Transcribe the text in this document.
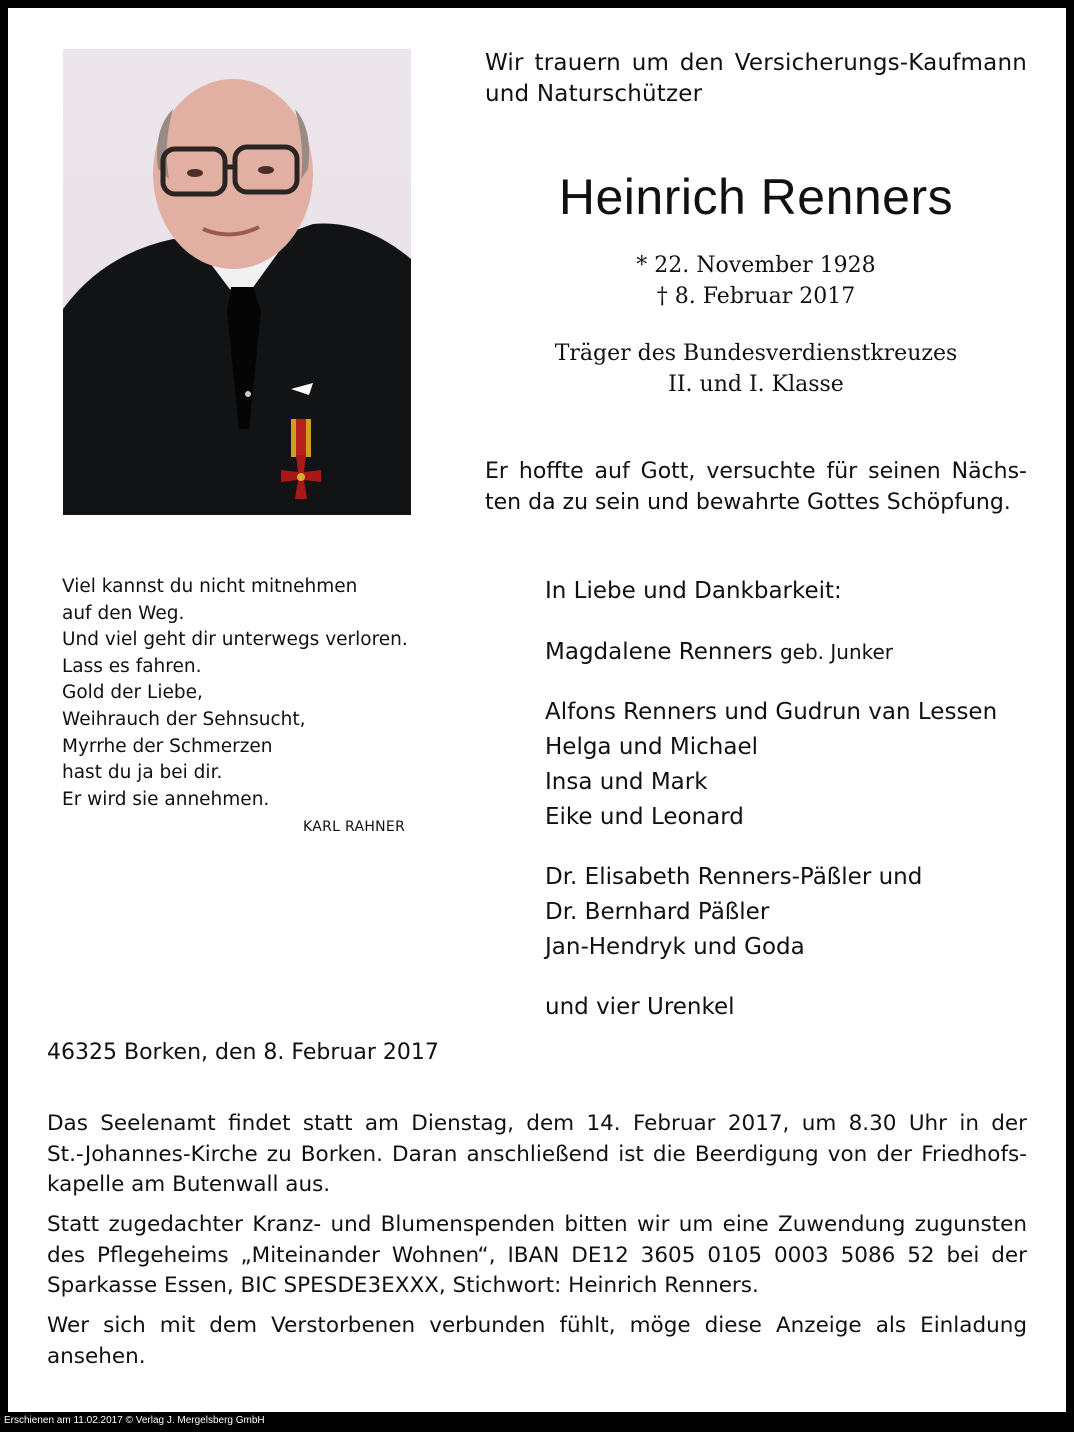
Wir trauern um den Versicherungs-Kaufmann
und Naturschützer
Heinrich Renners
* 22. November 1928
† 8. Februar 2017
Träger des Bundesverdienstkreuzes
II. und I. Klasse
Er hoffte auf Gott, versuchte für seinen Nächs-
ten da zu sein und bewahrte Gottes Schöpfung.
Viel kannst du nicht mitnehmen
auf den Weg.
Und viel geht dir unterwegs verloren.
Lass es fahren.
Gold der Liebe,
Weihrauch der Sehnsucht,
Myrrhe der Schmerzen
hast du ja bei dir.
Er wird sie annehmen.
KARL RAHNER
In Liebe und Dankbarkeit:
Magdalene Renners geb. Junker
Alfons Renners und Gudrun van Lessen
Helga und Michael
Insa und Mark
Eike und Leonard
Dr. Elisabeth Renners-Päßler und
Dr. Bernhard Päßler
Jan-Hendryk und Goda
und vier Urenkel
46325 Borken, den 8. Februar 2017
Das Seelenamt findet statt am Dienstag, dem 14. Februar 2017, um 8.30 Uhr in der
St.-Johannes-Kirche zu Borken. Daran anschließend ist die Beerdigung von der Friedhofs-
kapelle am Butenwall aus.
Statt zugedachter Kranz- und Blumenspenden bitten wir um eine Zuwendung zugunsten
des Pflegeheims „Miteinander Wohnen“, IBAN DE12 3605 0105 0003 5086 52 bei der
Sparkasse Essen, BIC SPESDE3EXXX, Stichwort: Heinrich Renners.
Wer sich mit dem Verstorbenen verbunden fühlt, möge diese Anzeige als Einladung
ansehen.
Erschienen am 11.02.2017 © Verlag J. Mergelsberg GmbH
